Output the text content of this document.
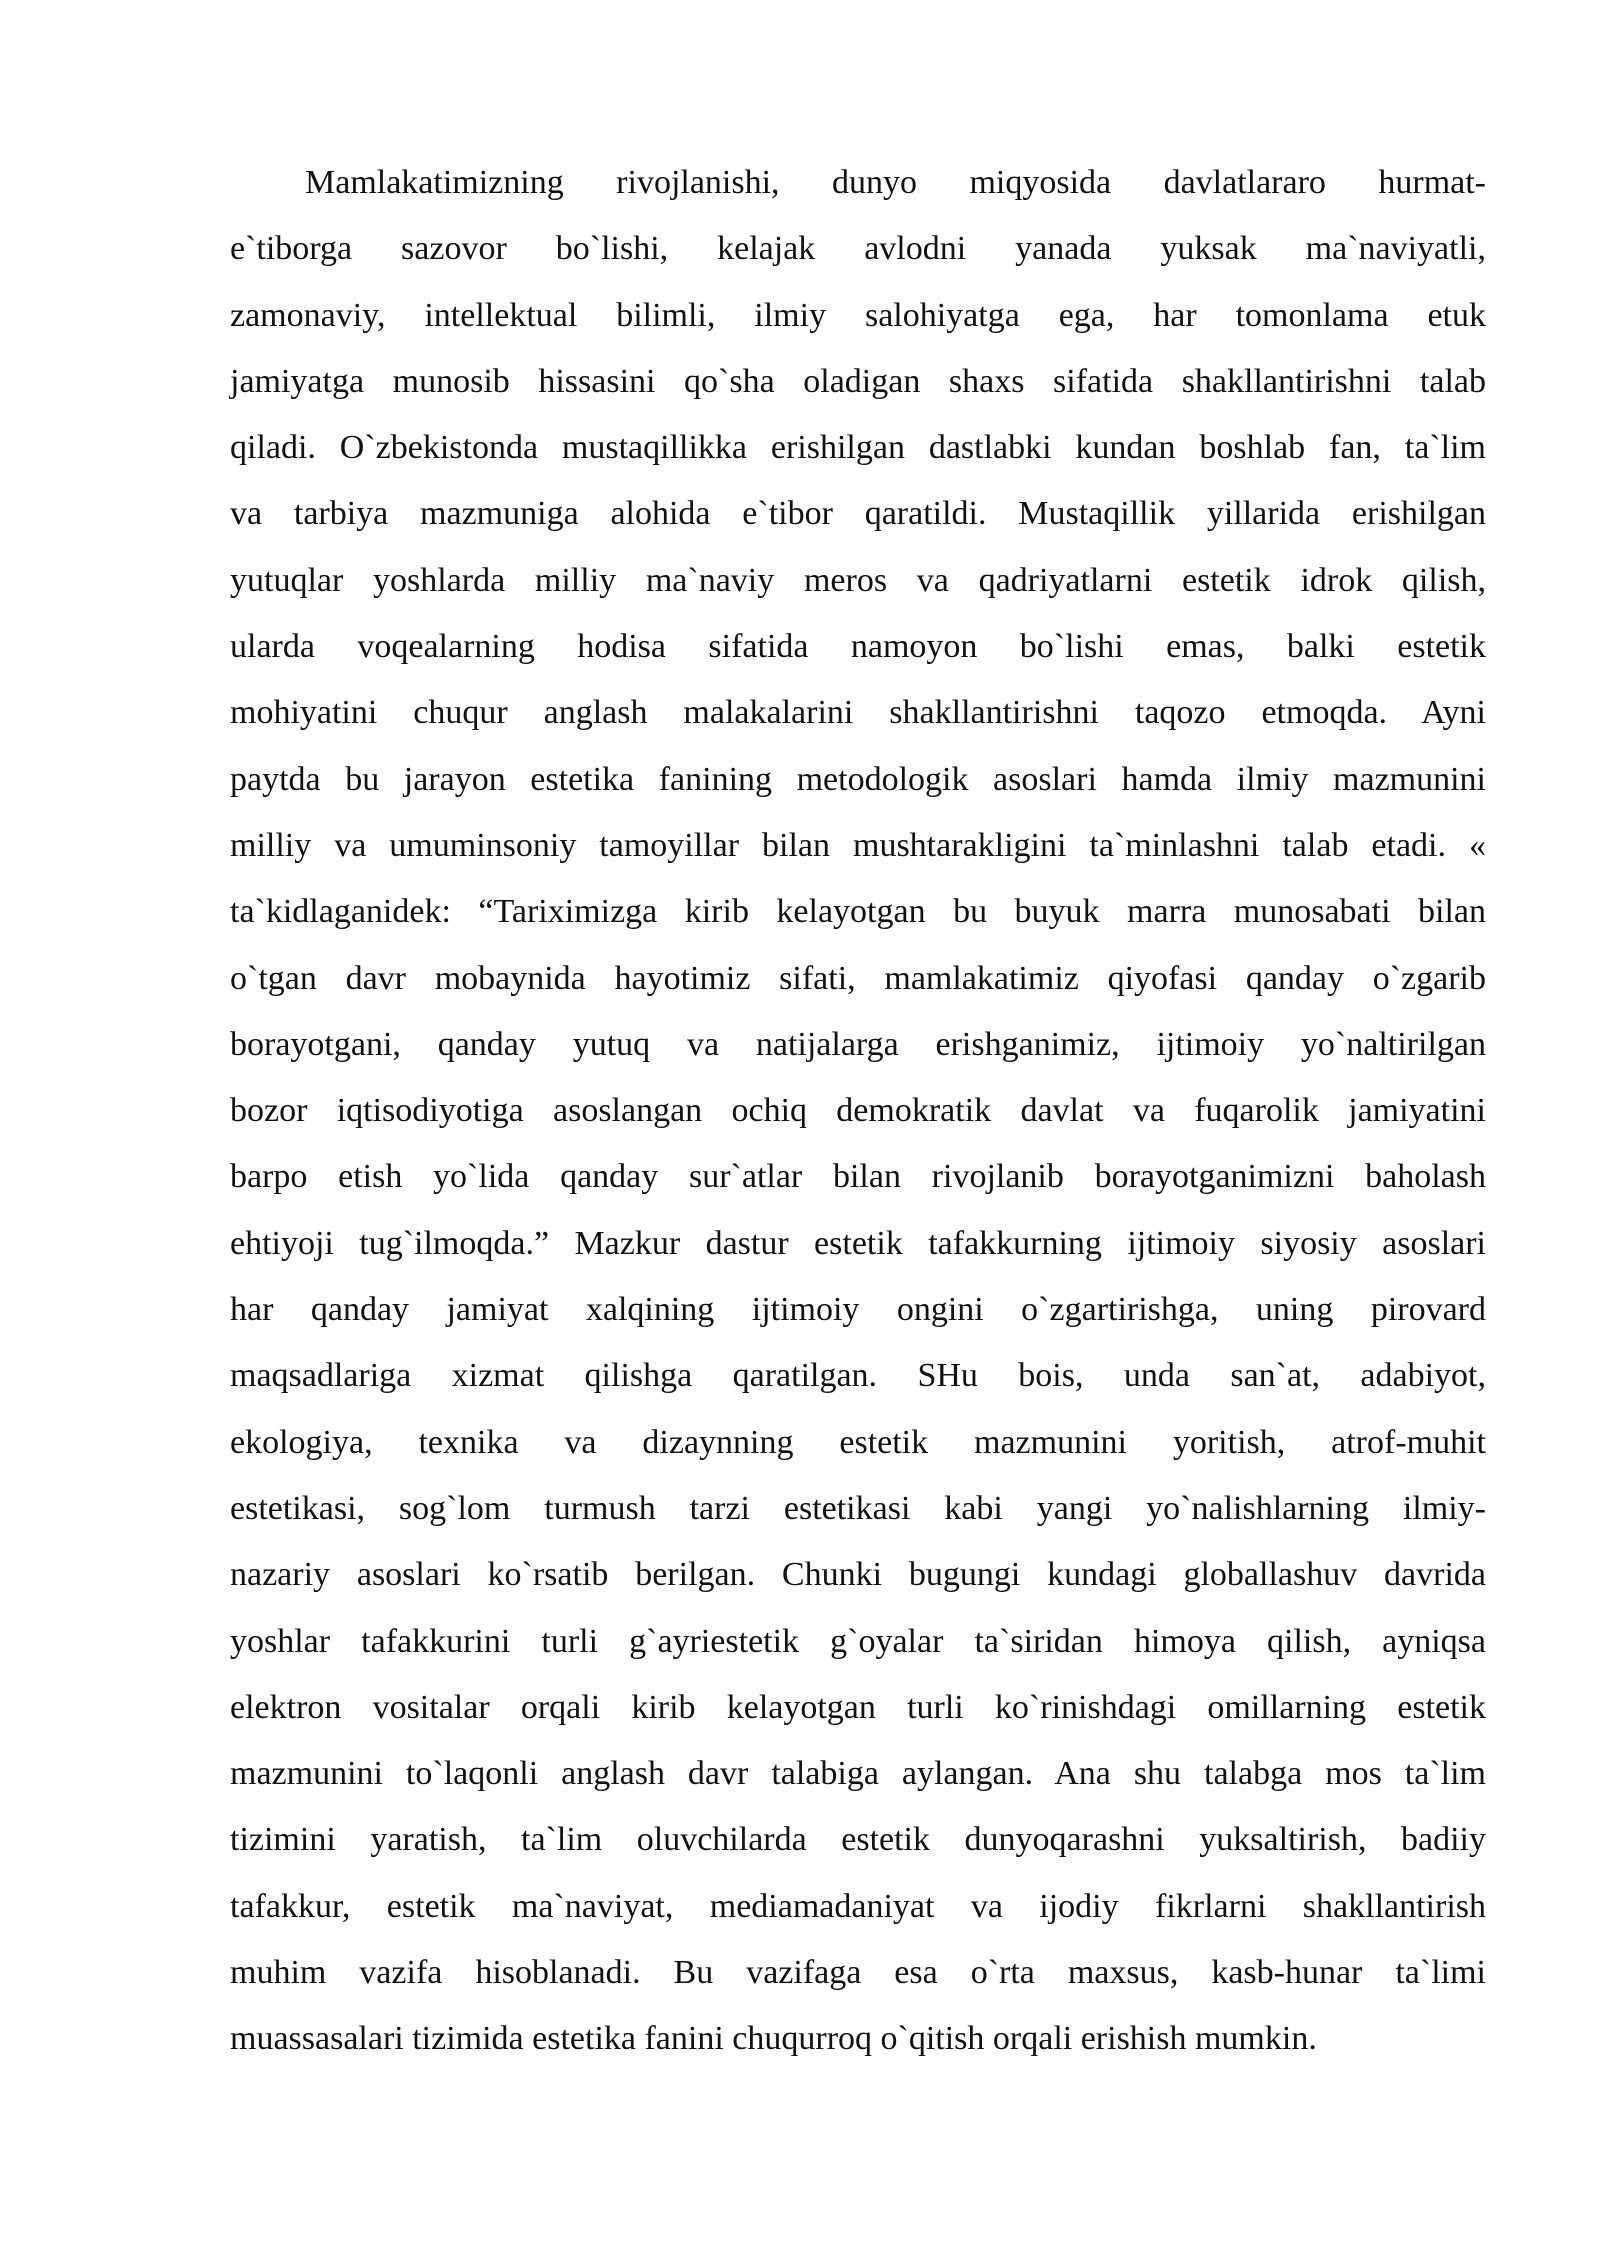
Mamlakatimizning rivojlanishi, dunyo miqyosida davlatlararo hurmat-
e`tiborga sazovor bo`lishi, kelajak avlodni yanada yuksak ma`naviyatli,
zamonaviy, intellektual bilimli, ilmiy salohiyatga ega, har tomonlama etuk
jamiyatga munosib hissasini qo`sha oladigan shaxs sifatida shakllantirishni talab
qiladi. O`zbekistonda mustaqillikka erishilgan dastlabki kundan boshlab fan, ta`lim
va tarbiya mazmuniga alohida e`tibor qaratildi. Mustaqillik yillarida erishilgan
yutuqlar yoshlarda milliy ma`naviy meros va qadriyatlarni estetik idrok qilish,
ularda voqealarning hodisa sifatida namoyon bo`lishi emas, balki estetik
mohiyatini chuqur anglash malakalarini shakllantirishni taqozo etmoqda. Ayni
paytda bu jarayon estetika fanining metodologik asoslari hamda ilmiy mazmunini
milliy va umuminsoniy tamoyillar bilan mushtarakligini ta`minlashni talab etadi. «
ta`kidlaganidek: “Tariximizga kirib kelayotgan bu buyuk marra munosabati bilan
o`tgan davr mobaynida hayotimiz sifati, mamlakatimiz qiyofasi qanday o`zgarib
borayotgani, qanday yutuq va natijalarga erishganimiz, ijtimoiy yo`naltirilgan
bozor iqtisodiyotiga asoslangan ochiq demokratik davlat va fuqarolik jamiyatini
barpo etish yo`lida qanday sur`atlar bilan rivojlanib borayotganimizni baholash
ehtiyoji tug`ilmoqda.” Mazkur dastur estetik tafakkurning ijtimoiy siyosiy asoslari
har qanday jamiyat xalqining ijtimoiy ongini o`zgartirishga, uning pirovard
maqsadlariga xizmat qilishga qaratilgan. SHu bois, unda san`at, adabiyot,
ekologiya, texnika va dizaynning estetik mazmunini yoritish, atrof-muhit
estetikasi, sog`lom turmush tarzi estetikasi kabi yangi yo`nalishlarning ilmiy-
nazariy asoslari ko`rsatib berilgan. Chunki bugungi kundagi globallashuv davrida
yoshlar tafakkurini turli g`ayriestetik g`oyalar ta`siridan himoya qilish, ayniqsa
elektron vositalar orqali kirib kelayotgan turli ko`rinishdagi omillarning estetik
mazmunini to`laqonli anglash davr talabiga aylangan. Ana shu talabga mos ta`lim
tizimini yaratish, ta`lim oluvchilarda estetik dunyoqarashni yuksaltirish, badiiy
tafakkur, estetik ma`naviyat, mediamadaniyat va ijodiy fikrlarni shakllantirish
muhim vazifa hisoblanadi. Bu vazifaga esa o`rta maxsus, kasb-hunar ta`limi
muassasalari tizimida estetika fanini chuqurroq o`qitish orqali erishish mumkin.
